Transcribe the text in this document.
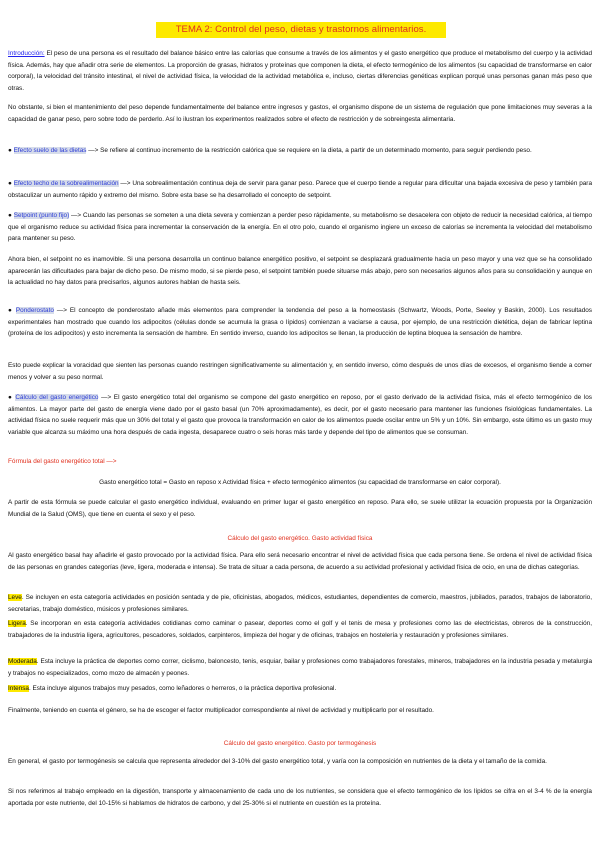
TEMA 2: Control del peso, dietas y trastornos alimentarios.

Introducción: El peso de una persona es el resultado del balance básico entre las calorías que consume a través de los alimentos y el gasto energético que produce el metabolismo del cuerpo y la actividad física. Además, hay que añadir otra serie de elementos. La proporción de grasas, hidratos y proteínas que componen la dieta, el efecto termogénico de los alimentos (su capacidad de transformarse en calor corporal), la velocidad del tránsito intestinal, el nivel de actividad física, la velocidad de la actividad metabólica e, incluso, ciertas diferencias genéticas explican porqué unas personas ganan más peso que otras.

No obstante, si bien el mantenimiento del peso depende fundamentalmente del balance entre ingresos y gastos, el organismo dispone de un sistema de regulación que pone limitaciones muy severas a la capacidad de ganar peso, pero sobre todo de perderlo. Así lo ilustran los experimentos realizados sobre el efecto de restricción y de sobreingesta alimentaria.

● Efecto suelo de las dietas —> Se refiere al continuo incremento de la restricción calórica que se requiere en la dieta, a partir de un determinado momento, para seguir perdiendo peso.

● Efecto techo de la sobrealimentación —> Una sobrealimentación continua deja de servir para ganar peso. Parece que el cuerpo tiende a regular para dificultar una bajada excesiva de peso y también para obstaculizar un aumento rápido y extremo del mismo. Sobre esta base se ha desarrollado el concepto de setpoint.

● Setpoint (punto fijo) —> Cuando las personas se someten a una dieta severa y comienzan a perder peso rápidamente, su metabolismo se desacelera con objeto de reducir la necesidad calórica, al tiempo que el organismo reduce su actividad física para incrementar la conservación de la energía. En el otro polo, cuando el organismo ingiere un exceso de calorías se incrementa la velocidad del metabolismo para mantener su peso.

Ahora bien, el setpoint no es inamovible. Si una persona desarrolla un continuo balance energético positivo, el setpoint se desplazará gradualmente hacia un peso mayor y una vez que se ha consolidado aparecerán las dificultades para bajar de dicho peso. De mismo modo, si se pierde peso, el setpoint también puede situarse más abajo, pero son necesarios algunos años para su consolidación y aunque en la actualidad no hay datos para precisarlos, algunos autores hablan de hasta seis.

● Ponderostato —> El concepto de ponderostato añade más elementos para comprender la tendencia del peso a la homeostasis (Schwartz, Woods, Porte, Seeley y Baskin, 2000). Los resultados experimentales han mostrado que cuando los adipocitos (células donde se acumula la grasa o lípidos) comienzan a vaciarse a causa, por ejemplo, de una restricción dietética, dejan de fabricar leptina (proteína de los adipocitos) y esto incrementa la sensación de hambre. En sentido inverso, cuando los adipocitos se llenan, la producción de leptina bloquea la sensación de hambre.

Esto puede explicar la voracidad que sienten las personas cuando restringen significativamente su alimentación y, en sentido inverso, cómo después de unos días de excesos, el organismo tiende a comer menos y volver a su peso normal.

● Cálculo del gasto energético —> El gasto energético total del organismo se compone del gasto energético en reposo, por el gasto derivado de la actividad física, más el efecto termogénico de los alimentos. La mayor parte del gasto de energía viene dado por el gasto basal (un 70% aproximadamente), es decir, por el gasto necesario para mantener las funciones fisiológicas fundamentales. La actividad física no suele requerir más que un 30% del total y el gasto que provoca la transformación en calor de los alimentos puede oscilar entre un 5% y un 10%. Sin embargo, este último es un gasto muy variable que alcanza su máximo una hora después de cada ingesta, desaparece cuatro o seis horas más tarde y depende del tipo de alimentos que se consuman.

Fórmula del gasto energético total —>

Gasto energético total = Gasto en reposo x Actividad física + efecto termogénico alimentos (su capacidad de transformarse en calor corporal).

A partir de esta fórmula se puede calcular el gasto energético individual, evaluando en primer lugar el gasto energético en reposo. Para ello, se suele utilizar la ecuación propuesta por la Organización Mundial de la Salud (OMS), que tiene en cuenta el sexo y el peso.

Cálculo del gasto energético. Gasto actividad física

Al gasto energético basal hay añadirle el gasto provocado por la actividad física. Para ello será necesario encontrar el nivel de actividad física que cada persona tiene. Se ordena el nivel de actividad física de las personas en grandes categorías (leve, ligera, moderada e intensa). Se trata de situar a cada persona, de acuerdo a su actividad profesional y actividad física de ocio, en una de dichas categorías.

Leve. Se incluyen en esta categoría actividades en posición sentada y de pie, oficinistas, abogados, médicos, estudiantes, dependientes de comercio, maestros, jubilados, parados, trabajos de laboratorio, secretarias, trabajo doméstico, músicos y profesiones similares.

Ligera. Se incorporan en esta categoría actividades cotidianas como caminar o pasear, deportes como el golf y el tenis de mesa y profesiones como las de electricistas, obreros de la construcción, trabajadores de la industria ligera, agricultores, pescadores, soldados, carpinteros, limpieza del hogar y de oficinas, trabajos en hostelería y restauración y profesiones similares.

Moderada. Esta incluye la práctica de deportes como correr, ciclismo, baloncesto, tenis, esquiar, bailar y profesiones como trabajadores forestales, mineros, trabajadores en la industria pesada y metalurgia y trabajos no especializados, como mozo de almacén y peones.

Intensa. Esta incluye algunos trabajos muy pesados, como leñadores o herreros, o la práctica deportiva profesional.

Finalmente, teniendo en cuenta el género, se ha de escoger el factor multiplicador correspondiente al nivel de actividad y multiplicarlo por el resultado.

Cálculo del gasto energético. Gasto por termogénesis

En general, el gasto por termogénesis se calcula que representa alrededor del 3-10% del gasto energético total, y varía con la composición en nutrientes de la dieta y el tamaño de la comida.

Si nos referimos al trabajo empleado en la digestión, transporte y almacenamiento de cada uno de los nutrientes, se considera que el efecto termogénico de los lípidos se cifra en el 3-4 % de la energía aportada por este nutriente, del 10-15% si hablamos de hidratos de carbono, y del 25-30% si el nutriente en cuestión es la proteína.
